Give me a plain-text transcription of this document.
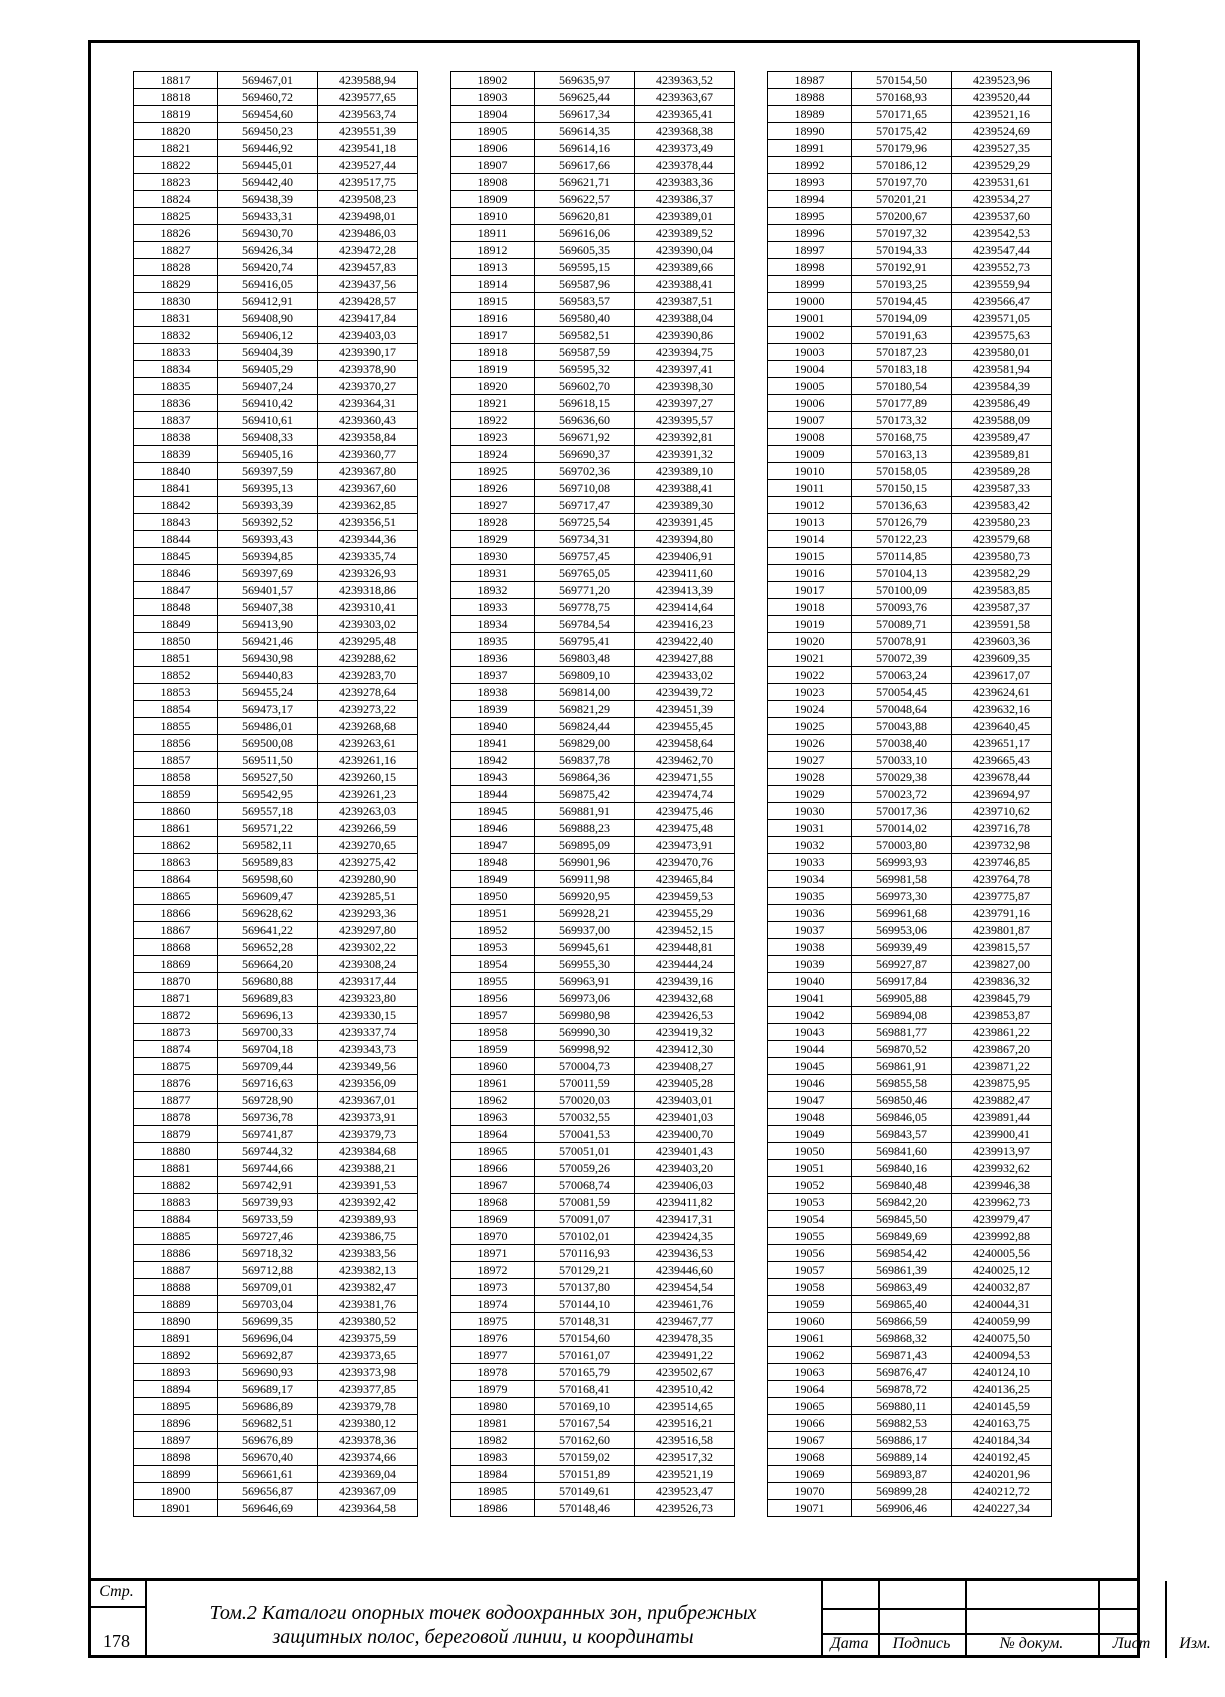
18817	569467,01	4239588,94
18818	569460,72	4239577,65
18819	569454,60	4239563,74
18820	569450,23	4239551,39
18821	569446,92	4239541,18
18822	569445,01	4239527,44
18823	569442,40	4239517,75
18824	569438,39	4239508,23
18825	569433,31	4239498,01
18826	569430,70	4239486,03
18827	569426,34	4239472,28
18828	569420,74	4239457,83
18829	569416,05	4239437,56
18830	569412,91	4239428,57
18831	569408,90	4239417,84
18832	569406,12	4239403,03
18833	569404,39	4239390,17
18834	569405,29	4239378,90
18835	569407,24	4239370,27
18836	569410,42	4239364,31
18837	569410,61	4239360,43
18838	569408,33	4239358,84
18839	569405,16	4239360,77
18840	569397,59	4239367,80
18841	569395,13	4239367,60
18842	569393,39	4239362,85
18843	569392,52	4239356,51
18844	569393,43	4239344,36
18845	569394,85	4239335,74
18846	569397,69	4239326,93
18847	569401,57	4239318,86
18848	569407,38	4239310,41
18849	569413,90	4239303,02
18850	569421,46	4239295,48
18851	569430,98	4239288,62
18852	569440,83	4239283,70
18853	569455,24	4239278,64
18854	569473,17	4239273,22
18855	569486,01	4239268,68
18856	569500,08	4239263,61
18857	569511,50	4239261,16
18858	569527,50	4239260,15
18859	569542,95	4239261,23
18860	569557,18	4239263,03
18861	569571,22	4239266,59
18862	569582,11	4239270,65
18863	569589,83	4239275,42
18864	569598,60	4239280,90
18865	569609,47	4239285,51
18866	569628,62	4239293,36
18867	569641,22	4239297,80
18868	569652,28	4239302,22
18869	569664,20	4239308,24
18870	569680,88	4239317,44
18871	569689,83	4239323,80
18872	569696,13	4239330,15
18873	569700,33	4239337,74
18874	569704,18	4239343,73
18875	569709,44	4239349,56
18876	569716,63	4239356,09
18877	569728,90	4239367,01
18878	569736,78	4239373,91
18879	569741,87	4239379,73
18880	569744,32	4239384,68
18881	569744,66	4239388,21
18882	569742,91	4239391,53
18883	569739,93	4239392,42
18884	569733,59	4239389,93
18885	569727,46	4239386,75
18886	569718,32	4239383,56
18887	569712,88	4239382,13
18888	569709,01	4239382,47
18889	569703,04	4239381,76
18890	569699,35	4239380,52
18891	569696,04	4239375,59
18892	569692,87	4239373,65
18893	569690,93	4239373,98
18894	569689,17	4239377,85
18895	569686,89	4239379,78
18896	569682,51	4239380,12
18897	569676,89	4239378,36
18898	569670,40	4239374,66
18899	569661,61	4239369,04
18900	569656,87	4239367,09
18901	569646,69	4239364,58
18902	569635,97	4239363,52
18903	569625,44	4239363,67
18904	569617,34	4239365,41
18905	569614,35	4239368,38
18906	569614,16	4239373,49
18907	569617,66	4239378,44
18908	569621,71	4239383,36
18909	569622,57	4239386,37
18910	569620,81	4239389,01
18911	569616,06	4239389,52
18912	569605,35	4239390,04
18913	569595,15	4239389,66
18914	569587,96	4239388,41
18915	569583,57	4239387,51
18916	569580,40	4239388,04
18917	569582,51	4239390,86
18918	569587,59	4239394,75
18919	569595,32	4239397,41
18920	569602,70	4239398,30
18921	569618,15	4239397,27
18922	569636,60	4239395,57
18923	569671,92	4239392,81
18924	569690,37	4239391,32
18925	569702,36	4239389,10
18926	569710,08	4239388,41
18927	569717,47	4239389,30
18928	569725,54	4239391,45
18929	569734,31	4239394,80
18930	569757,45	4239406,91
18931	569765,05	4239411,60
18932	569771,20	4239413,39
18933	569778,75	4239414,64
18934	569784,54	4239416,23
18935	569795,41	4239422,40
18936	569803,48	4239427,88
18937	569809,10	4239433,02
18938	569814,00	4239439,72
18939	569821,29	4239451,39
18940	569824,44	4239455,45
18941	569829,00	4239458,64
18942	569837,78	4239462,70
18943	569864,36	4239471,55
18944	569875,42	4239474,74
18945	569881,91	4239475,46
18946	569888,23	4239475,48
18947	569895,09	4239473,91
18948	569901,96	4239470,76
18949	569911,98	4239465,84
18950	569920,95	4239459,53
18951	569928,21	4239455,29
18952	569937,00	4239452,15
18953	569945,61	4239448,81
18954	569955,30	4239444,24
18955	569963,91	4239439,16
18956	569973,06	4239432,68
18957	569980,98	4239426,53
18958	569990,30	4239419,32
18959	569998,92	4239412,30
18960	570004,73	4239408,27
18961	570011,59	4239405,28
18962	570020,03	4239403,01
18963	570032,55	4239401,03
18964	570041,53	4239400,70
18965	570051,01	4239401,43
18966	570059,26	4239403,20
18967	570068,74	4239406,03
18968	570081,59	4239411,82
18969	570091,07	4239417,31
18970	570102,01	4239424,35
18971	570116,93	4239436,53
18972	570129,21	4239446,60
18973	570137,80	4239454,54
18974	570144,10	4239461,76
18975	570148,31	4239467,77
18976	570154,60	4239478,35
18977	570161,07	4239491,22
18978	570165,79	4239502,67
18979	570168,41	4239510,42
18980	570169,10	4239514,65
18981	570167,54	4239516,21
18982	570162,60	4239516,58
18983	570159,02	4239517,32
18984	570151,89	4239521,19
18985	570149,61	4239523,47
18986	570148,46	4239526,73
18987	570154,50	4239523,96
18988	570168,93	4239520,44
18989	570171,65	4239521,16
18990	570175,42	4239524,69
18991	570179,96	4239527,35
18992	570186,12	4239529,29
18993	570197,70	4239531,61
18994	570201,21	4239534,27
18995	570200,67	4239537,60
18996	570197,32	4239542,53
18997	570194,33	4239547,44
18998	570192,91	4239552,73
18999	570193,25	4239559,94
19000	570194,45	4239566,47
19001	570194,09	4239571,05
19002	570191,63	4239575,63
19003	570187,23	4239580,01
19004	570183,18	4239581,94
19005	570180,54	4239584,39
19006	570177,89	4239586,49
19007	570173,32	4239588,09
19008	570168,75	4239589,47
19009	570163,13	4239589,81
19010	570158,05	4239589,28
19011	570150,15	4239587,33
19012	570136,63	4239583,42
19013	570126,79	4239580,23
19014	570122,23	4239579,68
19015	570114,85	4239580,73
19016	570104,13	4239582,29
19017	570100,09	4239583,85
19018	570093,76	4239587,37
19019	570089,71	4239591,58
19020	570078,91	4239603,36
19021	570072,39	4239609,35
19022	570063,24	4239617,07
19023	570054,45	4239624,61
19024	570048,64	4239632,16
19025	570043,88	4239640,45
19026	570038,40	4239651,17
19027	570033,10	4239665,43
19028	570029,38	4239678,44
19029	570023,72	4239694,97
19030	570017,36	4239710,62
19031	570014,02	4239716,78
19032	570003,80	4239732,98
19033	569993,93	4239746,85
19034	569981,58	4239764,78
19035	569973,30	4239775,87
19036	569961,68	4239791,16
19037	569953,06	4239801,87
19038	569939,49	4239815,57
19039	569927,87	4239827,00
19040	569917,84	4239836,32
19041	569905,88	4239845,79
19042	569894,08	4239853,87
19043	569881,77	4239861,22
19044	569870,52	4239867,20
19045	569861,91	4239871,22
19046	569855,58	4239875,95
19047	569850,46	4239882,47
19048	569846,05	4239891,44
19049	569843,57	4239900,41
19050	569841,60	4239913,97
19051	569840,16	4239932,62
19052	569840,48	4239946,38
19053	569842,20	4239962,73
19054	569845,50	4239979,47
19055	569849,69	4239992,88
19056	569854,42	4240005,56
19057	569861,39	4240025,12
19058	569863,49	4240032,87
19059	569865,40	4240044,31
19060	569866,59	4240059,99
19061	569868,32	4240075,50
19062	569871,43	4240094,53
19063	569876,47	4240124,10
19064	569878,72	4240136,25
19065	569880,11	4240145,59
19066	569882,53	4240163,75
19067	569886,17	4240184,34
19068	569889,14	4240192,45
19069	569893,87	4240201,96
19070	569899,28	4240212,72
19071	569906,46	4240227,34
Стр.
178
Том.2 Каталоги опорных точек водоохранных зон, прибрежных
защитных полос, береговой линии, и координаты	Дата	Подпись	№ докум.	Лист	Изм.
